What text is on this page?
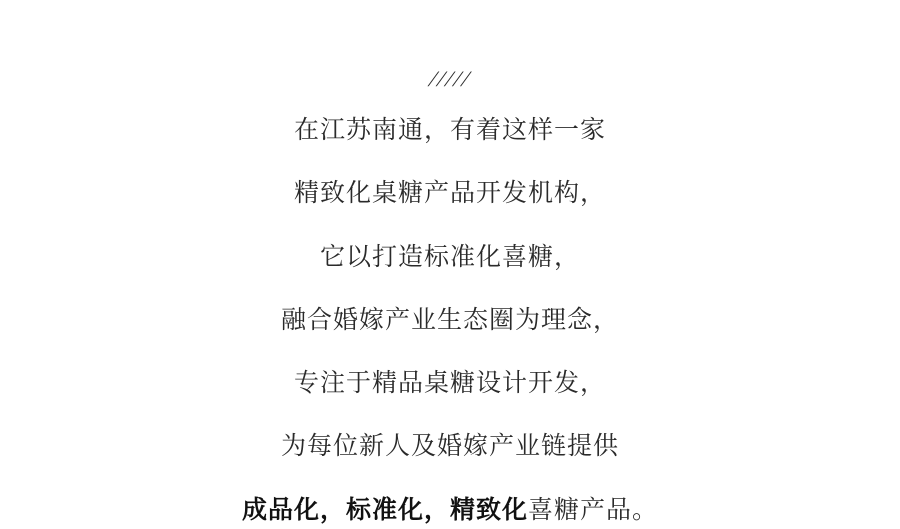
/////

在江苏南通，有着这样一家

精致化桌糖产品开发机构，

它以打造标准化喜糖，

融合婚嫁产业生态圈为理念，

专注于精品桌糖设计开发，

为每位新人及婚嫁产业链提供

成品化，标准化，精致化喜糖产品。
